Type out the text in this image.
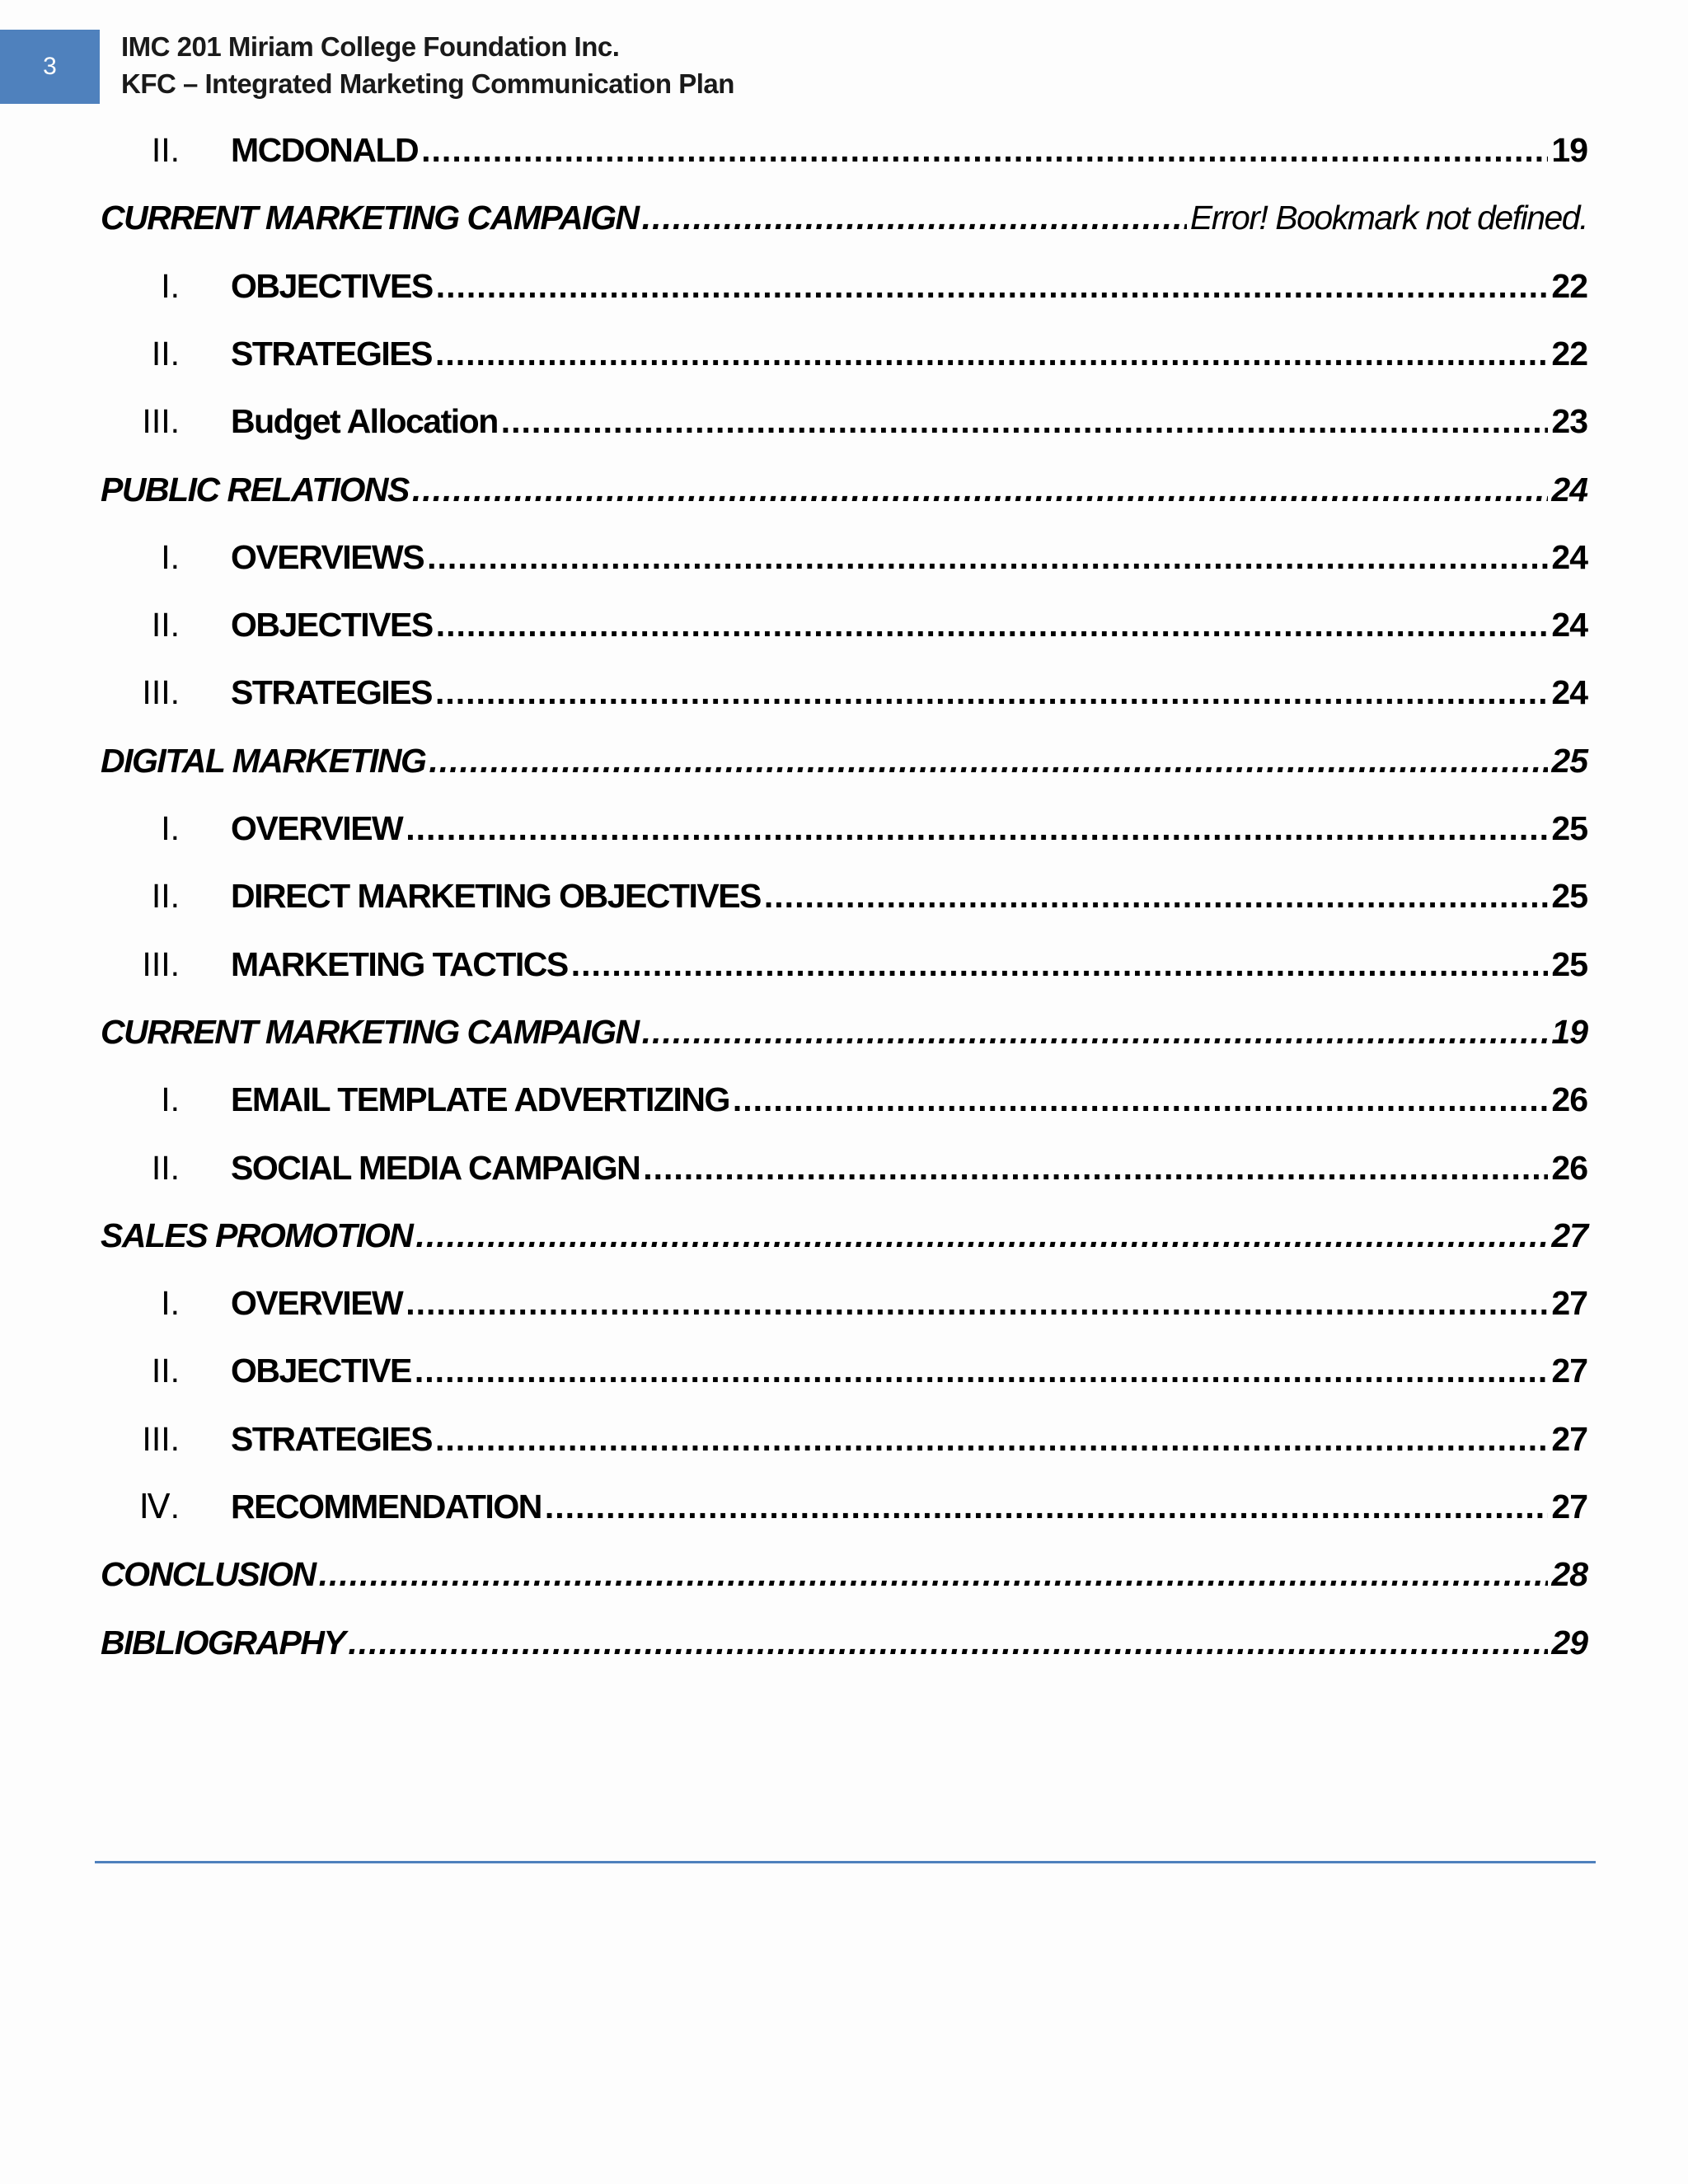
3
IMC 201 Miriam College Foundation Inc.
KFC – Integrated Marketing Communication Plan
II. MCDONALD .....	19
CURRENT MARKETING CAMPAIGN .....	Error! Bookmark not defined.
I. OBJECTIVES .....	22
II. STRATEGIES .....	22
III. Budget Allocation .....	23
PUBLIC RELATIONS .....	24
I. OVERVIEWS .....	24
II. OBJECTIVES .....	24
III. STRATEGIES .....	24
DIGITAL MARKETING .....	25
I. OVERVIEW .....	25
II. DIRECT MARKETING OBJECTIVES .....	25
III. MARKETING TACTICS .....	25
CURRENT MARKETING CAMPAIGN .....	19
I. EMAIL TEMPLATE ADVERTIZING .....	26
II. SOCIAL MEDIA CAMPAIGN .....	26
SALES PROMOTION .....	27
I. OVERVIEW .....	27
II. OBJECTIVE .....	27
III. STRATEGIES .....	27
Ⅳ. RECOMMENDATION .....	27
CONCLUSION .....	28
BIBLIOGRAPHY .....	29
